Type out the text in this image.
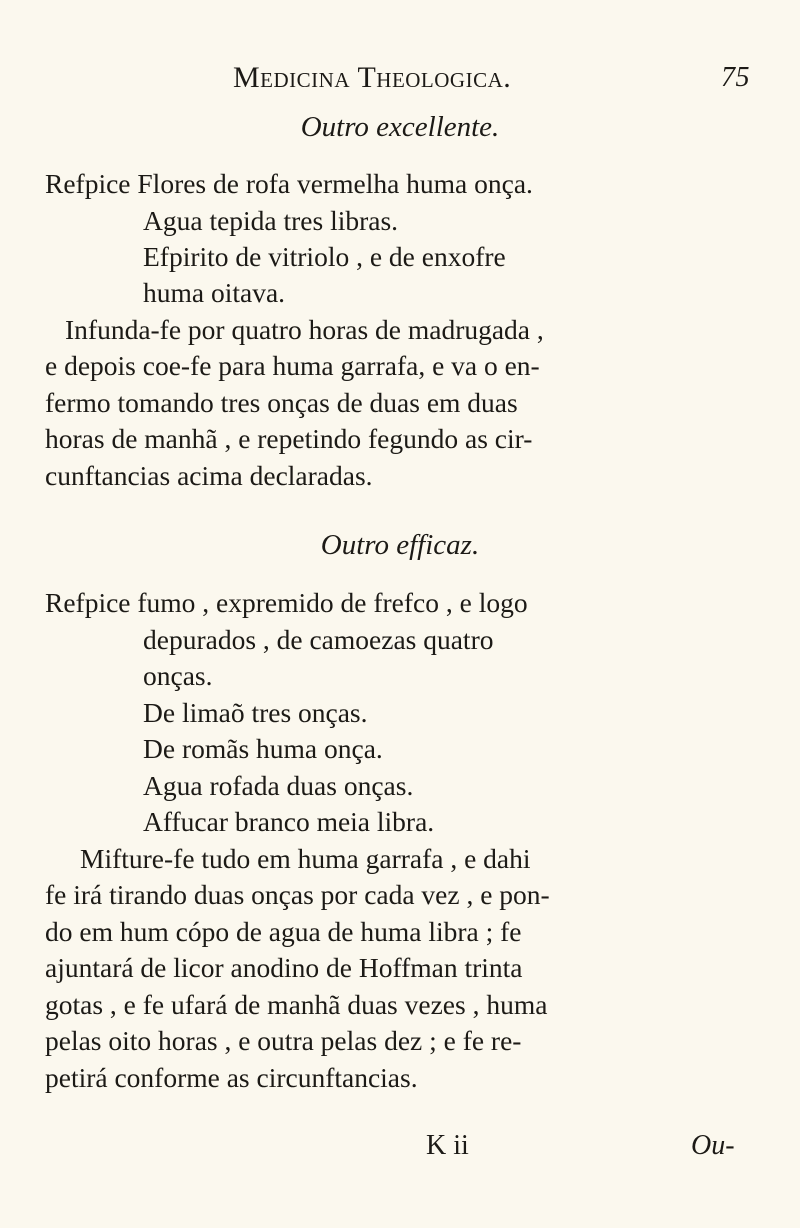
Medicina Theologica.	75
Outro excellente.
Refpice Flores de rofa vermelha huma onça.
Agua tepida tres libras.
Efpirito de vitriolo , e de enxofre
huma oitava.
Infunda-fe por quatro horas de madrugada ,
e depois coe-fe para huma garrafa, e va o en-
fermo tomando tres onças de duas em duas
horas de manhã , e repetindo fegundo as cir-
cunftancias acima declaradas.
Outro efficaz.
Refpice fumo , expremido de frefco , e logo
depurados , de camoezas quatro
onças.
De limaõ tres onças.
De romãs huma onça.
Agua rofada duas onças.
Affucar branco meia libra.
Mifture-fe tudo em huma garrafa , e dahi
fe irá tirando duas onças por cada vez , e pon-
do em hum cópo de agua de huma libra ; fe
ajuntará de licor anodino de Hoffman trinta
gotas , e fe ufará de manhã duas vezes , huma
pelas oito horas , e outra pelas dez ; e fe re-
petirá conforme as circunftancias.
K ii	Ou-
